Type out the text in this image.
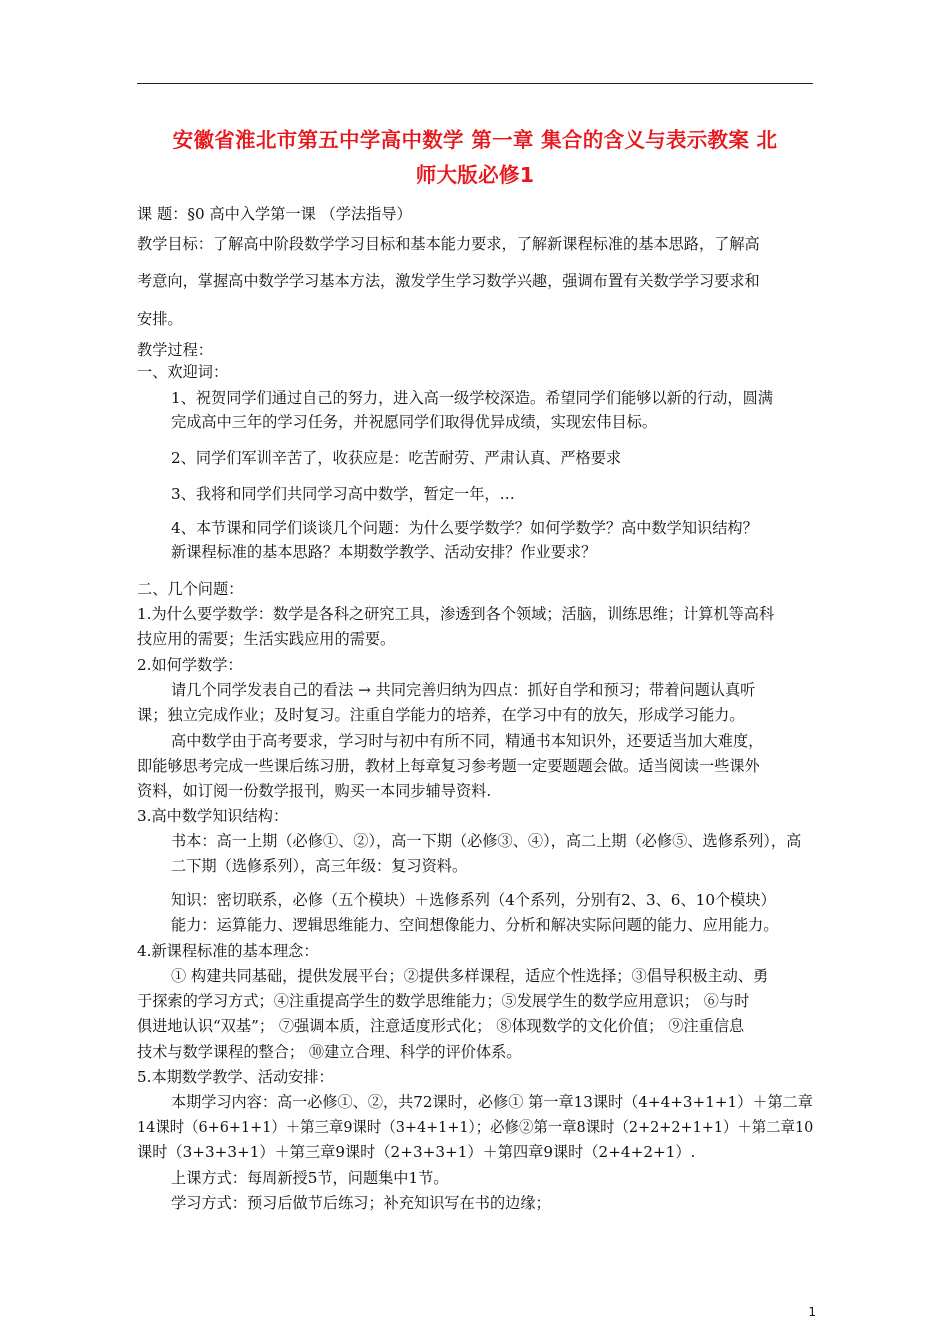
安徽省淮北市第五中学高中数学 第一章 集合的含义与表示教案 北
师大版必修1
课 题：§0 高中入学第一课 （学法指导）
教学目标：了解高中阶段数学学习目标和基本能力要求，了解新课程标准的基本思路，了解高
考意向，掌握高中数学学习基本方法，激发学生学习数学兴趣，强调布置有关数学学习要求和
安排。
教学过程：
一、欢迎词：
1、祝贺同学们通过自己的努力，进入高一级学校深造。希望同学们能够以新的行动，圆满
完成高中三年的学习任务，并祝愿同学们取得优异成绩，实现宏伟目标。
2、同学们军训辛苦了，收获应是：吃苦耐劳、严肃认真、严格要求
3、我将和同学们共同学习高中数学，暂定一年，…
4、本节课和同学们谈谈几个问题：为什么要学数学？如何学数学？高中数学知识结构？
新课程标准的基本思路？本期数学教学、活动安排？作业要求？
二、几个问题：
1.为什么要学数学：数学是各科之研究工具，渗透到各个领域；活脑，训练思维；计算机等高科
技应用的需要；生活实践应用的需要。
2.如何学数学：
请几个同学发表自己的看法 → 共同完善归纳为四点：抓好自学和预习；带着问题认真听
课；独立完成作业；及时复习。注重自学能力的培养，在学习中有的放矢，形成学习能力。
高中数学由于高考要求，学习时与初中有所不同，精通书本知识外，还要适当加大难度，
即能够思考完成一些课后练习册，教材上每章复习参考题一定要题题会做。适当阅读一些课外
资料，如订阅一份数学报刊，购买一本同步辅导资料.
3.高中数学知识结构：
书本：高一上期（必修①、②），高一下期（必修③、④），高二上期（必修⑤、选修系列），高
二下期（选修系列），高三年级：复习资料。
知识：密切联系，必修（五个模块）＋选修系列（4个系列，分别有2、3、6、10个模块）
能力：运算能力、逻辑思维能力、空间想像能力、分析和解决实际问题的能力、应用能力。
4.新课程标准的基本理念：
① 构建共同基础，提供发展平台；②提供多样课程，适应个性选择；③倡导积极主动、勇
于探索的学习方式；④注重提高学生的数学思维能力；⑤发展学生的数学应用意识； ⑥与时
俱进地认识“双基”； ⑦强调本质，注意适度形式化； ⑧体现数学的文化价值； ⑨注重信息
技术与数学课程的整合； ⑩建立合理、科学的评价体系。
5.本期数学教学、活动安排：
本期学习内容：高一必修①、②，共72课时，必修① 第一章13课时（4+4+3+1+1）＋第二章
14课时（6+6+1+1）＋第三章9课时（3+4+1+1）；必修②第一章8课时（2+2+2+1+1）＋第二章10
课时（3+3+3+1）＋第三章9课时（2+3+3+1）＋第四章9课时（2+4+2+1）.
上课方式：每周新授5节，问题集中1节。
学习方式：预习后做节后练习；补充知识写在书的边缘；
1
